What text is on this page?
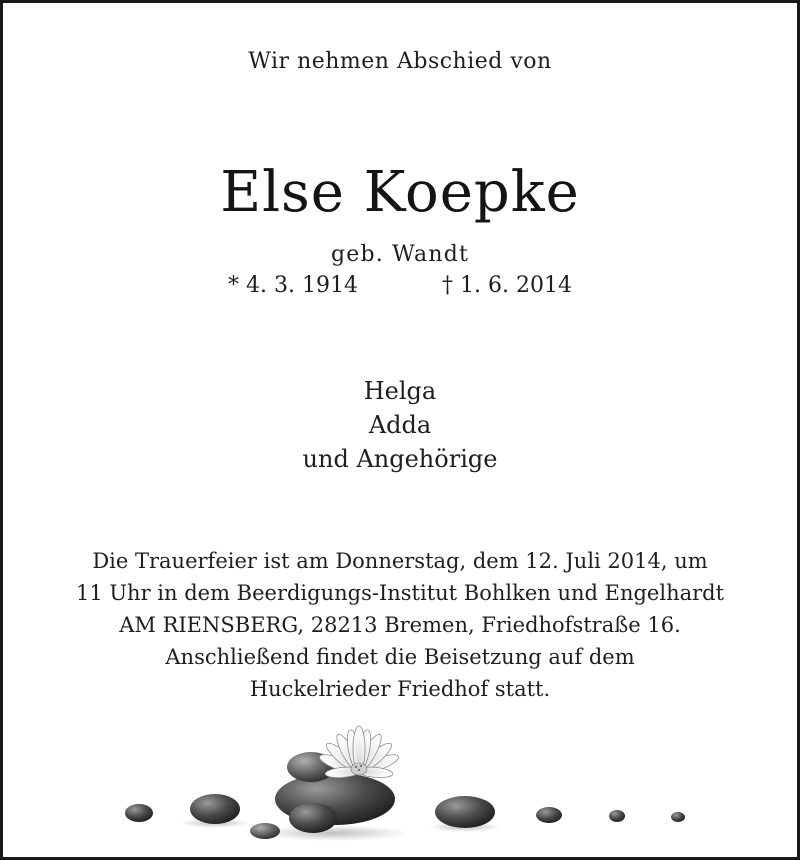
Wir nehmen Abschied von
Else Koepke
geb. Wandt
* 4. 3. 1914	† 1. 6. 2014
Helga
Adda
und Angehörige
Die Trauerfeier ist am Donnerstag, dem 12. Juli 2014, um
11 Uhr in dem Beerdigungs-Institut Bohlken und Engelhardt
AM RIENSBERG, 28213 Bremen, Friedhofstraße 16.
Anschließend findet die Beisetzung auf dem
Huckelrieder Friedhof statt.
